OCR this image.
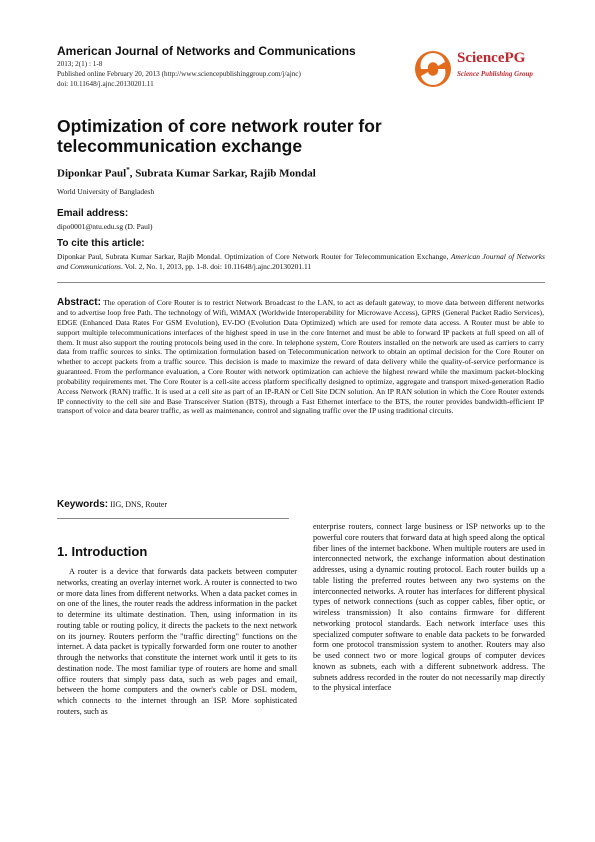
American Journal of Networks and Communications
2013; 2(1) : 1-8
Published online February 20, 2013 (http://www.sciencepublishinggroup.com/j/ajnc)
doi: 10.11648/j.ajnc.20130201.11
SciencePG
Science Publishing Group
Optimization of core network router for telecommunication exchange
Diponkar Paul*, Subrata Kumar Sarkar, Rajib Mondal
World University of Bangladesh
Email address:
dipo0001@ntu.edu.sg (D. Paul)
To cite this article:
Diponkar Paul, Subrata Kumar Sarkar, Rajib Mondal. Optimization of Core Network Router for Telecommunication Exchange, American Journal of Networks and Communications. Vol. 2, No. 1, 2013, pp. 1-8. doi: 10.11648/j.ajnc.20130201.11
Abstract: The operation of Core Router is to restrict Network Broadcast to the LAN, to act as default gateway, to move data between different networks and to advertise loop free Path. The technology of Wifi, WiMAX (Worldwide Interoperability for Microwave Access), GPRS (General Packet Radio Services), EDGE (Enhanced Data Rates For GSM Evolution), EV-DO (Evolution Data Optimized) which are used for remote data access. A Router must be able to support multiple telecommunications interfaces of the highest speed in use in the core Internet and must be able to forward IP packets at full speed on all of them. It must also support the routing protocols being used in the core. In telephone system, Core Routers installed on the network are used as carriers to carry data from traffic sources to sinks. The optimization formulation based on Telecommunication network to obtain an optimal decision for the Core Router on whether to accept packets from a traffic source. This decision is made to maximize the reward of data delivery while the quality-of-service performance is guaranteed. From the performance evaluation, a Core Router with network optimization can achieve the highest reward while the maximum packet-blocking probability requirements met. The Core Router is a cell-site access platform specifically designed to optimize, aggregate and transport mixed-generation Radio Access Network (RAN) traffic. It is used at a cell site as part of an IP-RAN or Cell Site DCN solution. An IP RAN solution in which the Core Router extends IP connectivity to the cell site and Base Transceiver Station (BTS), through a Fast Ethernet interface to the BTS, the router provides bandwidth-efficient IP transport of voice and data bearer traffic, as well as maintenance, control and signaling traffic over the IP using traditional circuits.
Keywords: IIG, DNS, Router
1. Introduction
A router is a device that forwards data packets between computer networks, creating an overlay internet work. A router is connected to two or more data lines from different networks. When a data packet comes in on one of the lines, the router reads the address information in the packet to determine its ultimate destination. Then, using information in its routing table or routing policy, it directs the packets to the next network on its journey. Routers perform the "traffic directing" functions on the internet. A data packet is typically forwarded form one router to another through the networks that constitute the internet work until it gets to its destination node. The most familiar type of routers are home and small office routers that simply pass data, such as web pages and email, between the home computers and the owner's cable or DSL modem, which connects to the internet through an ISP. More sophisticated routers, such as
enterprise routers, connect large business or ISP networks up to the powerful core routers that forward data at high speed along the optical fiber lines of the internet backbone. When multiple routers are used in interconnected network, the exchange information about destination addresses, using a dynamic routing protocol. Each router builds up a table listing the preferred routes between any two systems on the interconnected networks. A router has interfaces for different physical types of network connections (such as copper cables, fiber optic, or wireless transmission) It also contains firmware for different networking protocol standards. Each network interface uses this specialized computer software to enable data packets to be forwarded form one protocol transmission system to another. Routers may also be used connect two or more logical groups of computer devices known as subnets, each with a different subnetwork address. The subnets address recorded in the router do not necessarily map directly to the physical interface
